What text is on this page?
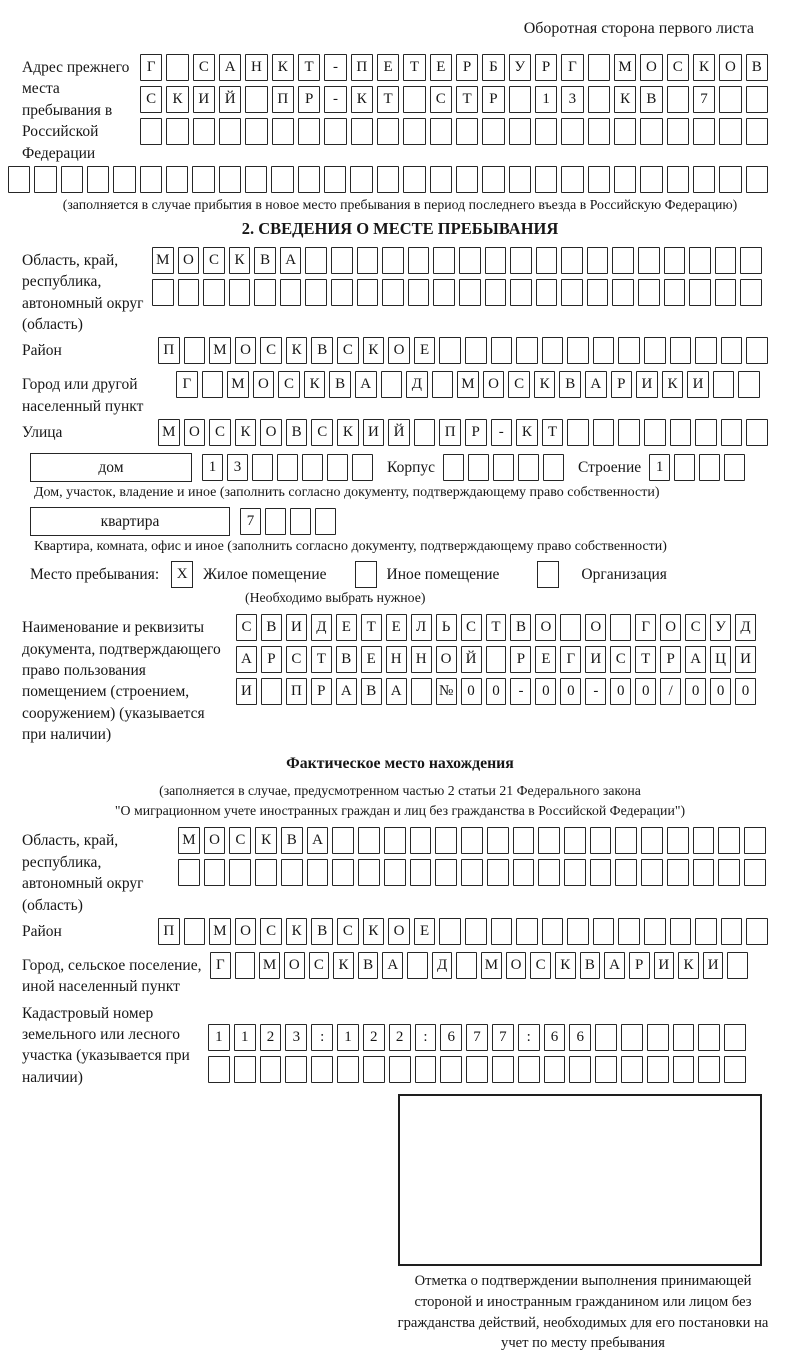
Оборотная сторона первого листа
Адрес прежнего места пребывания в Российской Федерации
Г	С	А	Н	К	Т	-	П	Е	Т	Е	Р	Б	У	Р	Г	М О	С	К	О	В
С	К	И	Й	П	Р	-	К	Т	С	Т	Р	1	3	К	В	7
(заполняется в случае прибытия в новое место пребывания в период последнего въезда в Российскую Федерацию)
2. СВЕДЕНИЯ О МЕСТЕ ПРЕБЫВАНИЯ
Область, край, республика, автономный округ (область)
М О	С	К	В	А
Район	П	М О	С	К	В	С	К	О	Е
Город или другой населенный пункт
Г	М О	С	К	В	А	Д	М О	С	К	В	А	Р	И	К	И
Улица	М О	С	К	О	В	С	К	И Й	П	Р	-	К	Т
дом	1	3	Корпус	Строение 1
Дом, участок, владение и иное (заполнить согласно документу, подтверждающему право собственности)
квартира	7
Квартира, комната, офис и иное (заполнить согласно документу, подтверждающему право собственности)
Место пребывания:	X	Жилое помещение	Иное помещение	Организация
(Необходимо выбрать нужное)
Наименование и реквизиты документа, подтверждающего право пользования помещением (строением, сооружением) (указывается при наличии)
С В И Д	Е	Т	Е	Л	Ь	С	Т	В О	О	Г	О С У Д
А	Р	С	Т	В	Е Н Н О Й	Р	Е	Г	И С	Т	Р	А Ц И
И	П	Р	А В А	№ 0	0	-	0	0	-	0	0	/	0	0	0
Фактическое место нахождения
(заполняется в случае, предусмотренном частью 2 статьи 21 Федерального закона
"О миграционном учете иностранных граждан и лиц без гражданства в Российской Федерации")
Область, край, республика, автономный округ (область)
М О	С	К	В	А
Район	П	М О	С	К	В	С	К	О	Е
Город, сельское поселение, иной населенный пункт
Г	М О С К В А	Д	М О С К В А	Р	И К И
Кадастровый номер земельного или лесного участка (указывается при наличии)
1	1	2	3	:	1	2	2	:	6	7	7	:	6	6
Отметка о подтверждении выполнения принимающей стороной и иностранным гражданином или лицом без гражданства действий, необходимых для его постановки на учет по месту пребывания
